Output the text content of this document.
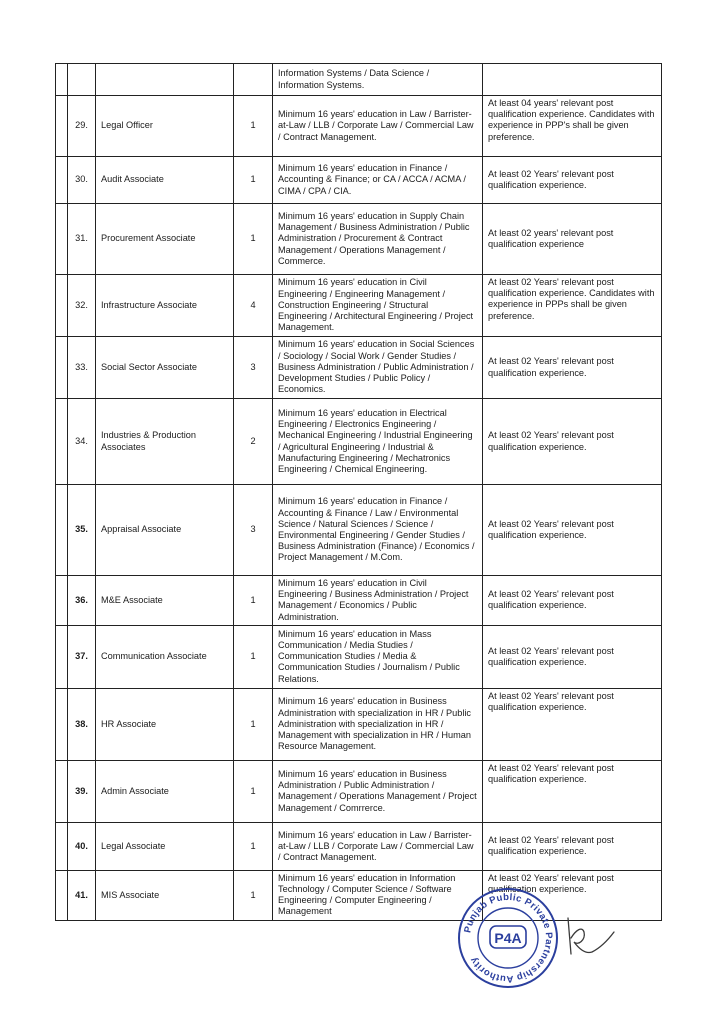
				Information Systems / Data Science / Information Systems.	
	29.	Legal Officer	1	Minimum 16 years' education in Law / Barrister-at-Law / LLB / Corporate Law / Commercial Law / Contract Management.	At least 04 years' relevant post qualification experience. Candidates with experience in PPP's shall be given preference.
	30.	Audit Associate	1	Minimum 16 years' education in Finance / Accounting & Finance; or CA / ACCA / ACMA / CIMA / CPA / CIA.	At least 02 Years' relevant post qualification experience.
	31.	Procurement Associate	1	Minimum 16 years' education in Supply Chain Management / Business Administration / Public Administration / Procurement & Contract Management / Operations Management / Commerce.	At least 02 years' relevant post qualification experience
	32.	Infrastructure Associate	4	Minimum 16 years' education in Civil Engineering / Engineering Management / Construction Engineering / Structural Engineering / Architectural Engineering / Project Management.	At least 02 Years' relevant post qualification experience. Candidates with experience in PPPs shall be given preference.
	33.	Social Sector Associate	3	Minimum 16 years' education in Social Sciences / Sociology / Social Work / Gender Studies / Business Administration / Public Administration / Development Studies / Public Policy / Economics.	At least 02 Years' relevant post qualification experience.
	34.	Industries & Production Associates	2	Minimum 16 years' education in Electrical Engineering / Electronics Engineering / Mechanical Engineering / Industrial Engineering / Agricultural Engineering / Industrial & Manufacturing Engineering / Mechatronics Engineering / Chemical Engineering.	At least 02 Years' relevant post qualification experience.
	35.	Appraisal Associate	3	Minimum 16 years' education in Finance / Accounting & Finance / Law / Environmental Science / Natural Sciences / Science / Environmental Engineering / Gender Studies / Business Administration (Finance) / Economics / Project Management / M.Com.	At least 02 Years' relevant post qualification experience.
	36.	M&E Associate	1	Minimum 16 years' education in Civil Engineering / Business Administration / Project Management / Economics / Public Administration.	At least 02 Years' relevant post qualification experience.
	37.	Communication Associate	1	Minimum 16 years' education in Mass Communication / Media Studies / Communication Studies / Media & Communication Studies / Journalism / Public Relations.	At least 02 Years' relevant post qualification experience.
	38.	HR Associate	1	Minimum 16 years' education in Business Administration with specialization in HR / Public Administration with specialization in HR / Management with specialization in HR / Human Resource Management.	At least 02 Years' relevant post qualification experience.
	39.	Admin Associate	1	Minimum 16 years' education in Business Administration / Public Administration / Management / Operations Management / Project Management / Comrrerce.	At least 02 Years' relevant post qualification experience.
	40.	Legal Associate	1	Minimum 16 years' education in Law / Barrister-at-Law / LLB / Corporate Law / Commercial Law / Contract Management.	At least 02 Years' relevant post qualification experience.
	41.	MIS Associate	1	Minimum 16 years' education in Information Technology / Computer Science / Software Engineering / Computer Engineering / Management	At least 02 Years' relevant post qualification experience.
Punjab Public Private Partnership Authority
P4A
